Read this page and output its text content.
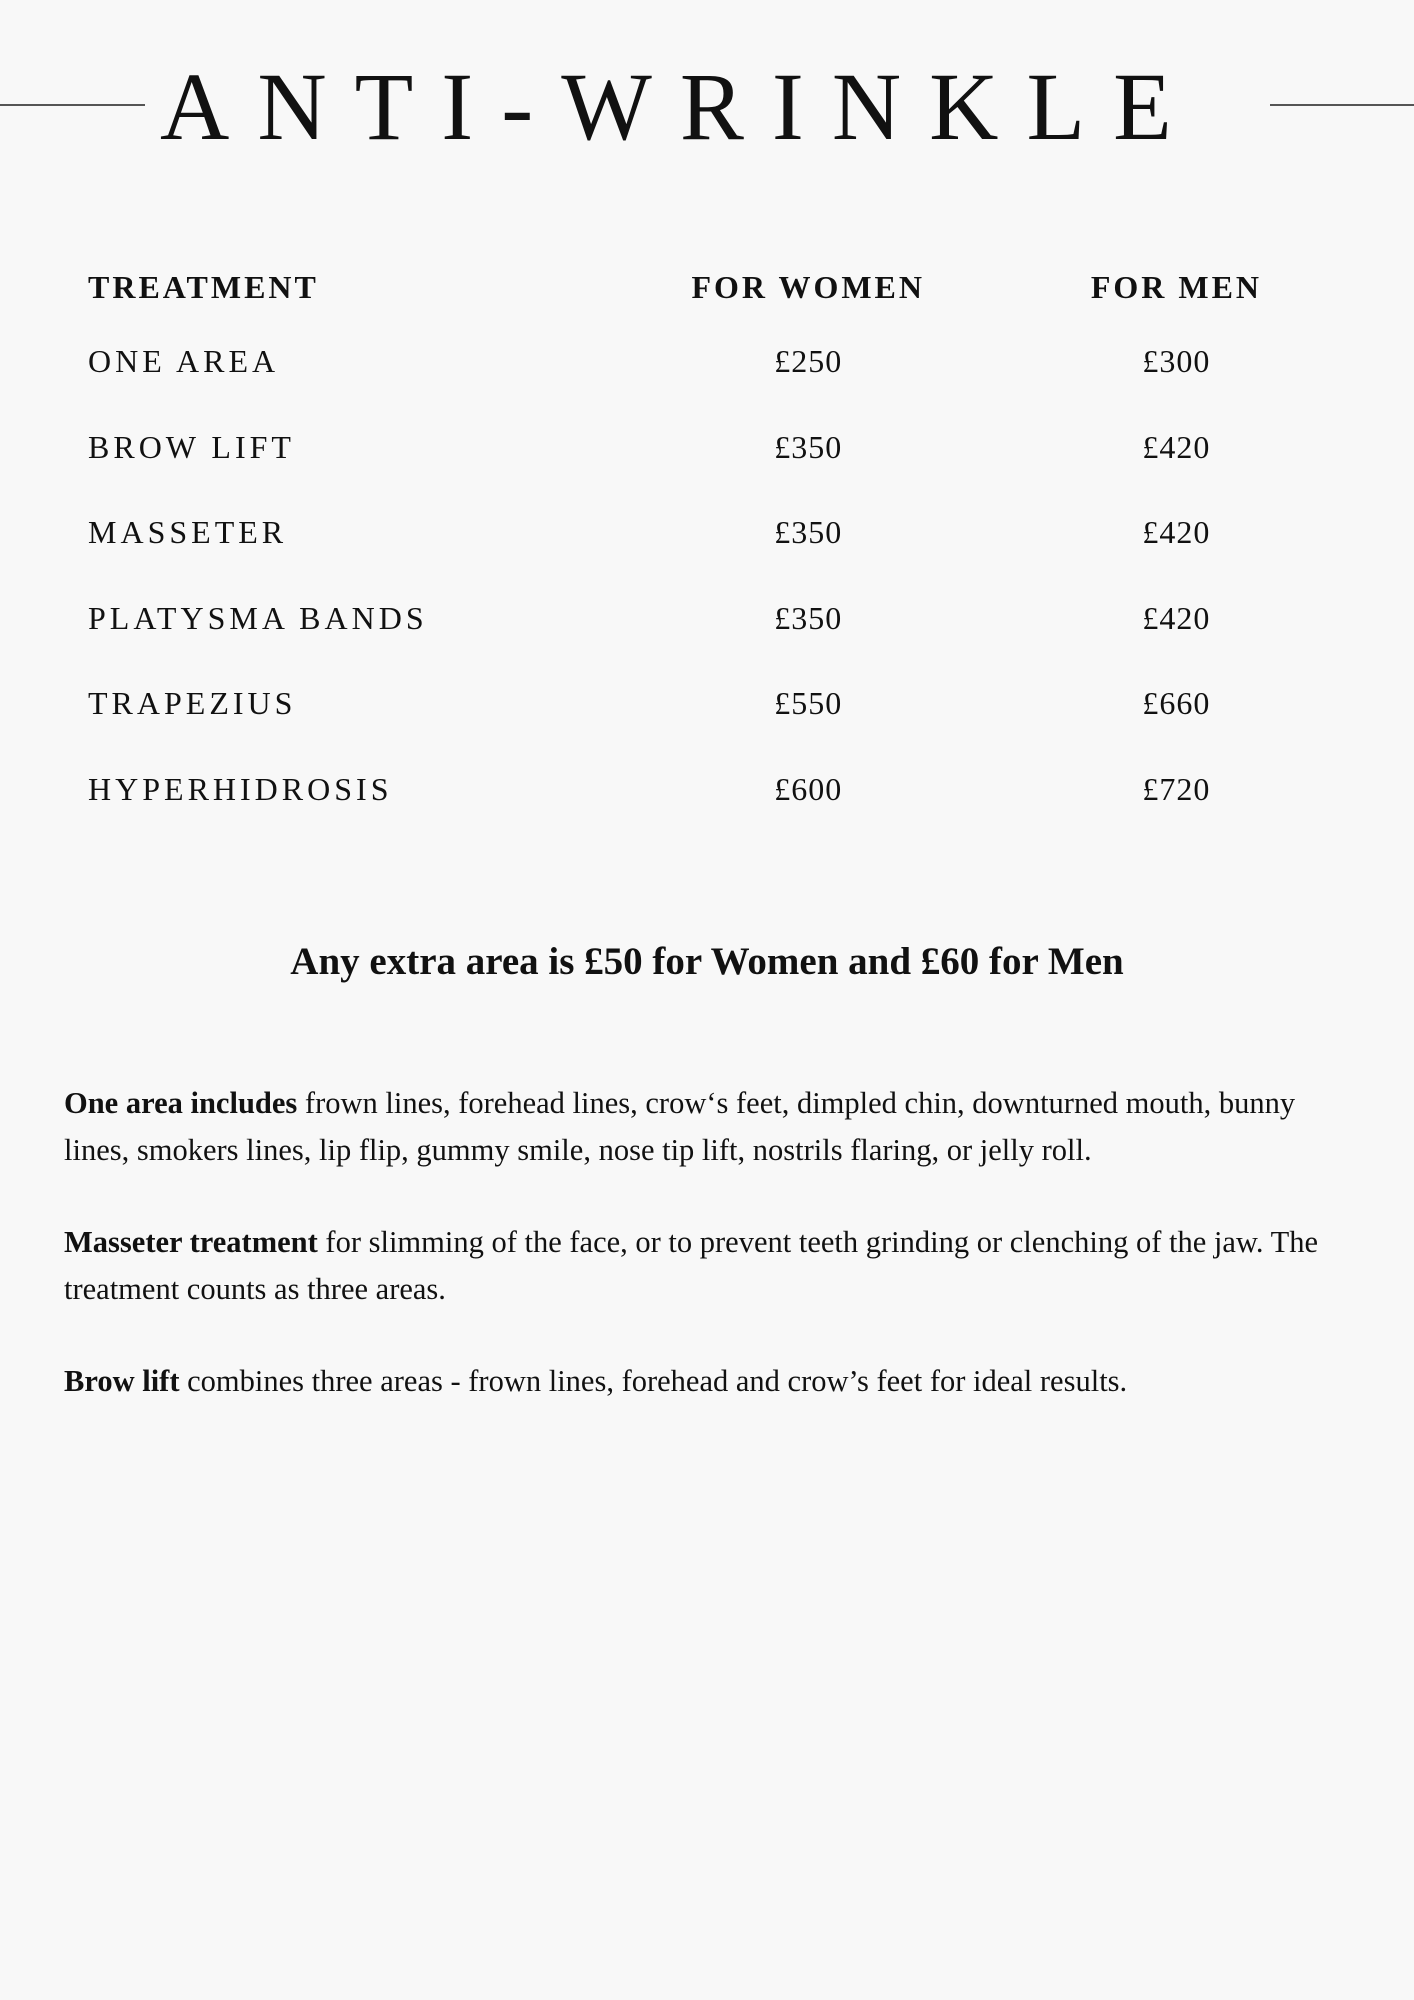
ANTI-WRINKLE
TREATMENT	FOR WOMEN	FOR MEN
ONE AREA	£250	£300
BROW LIFT	£350	£420
MASSETER	£350	£420
PLATYSMA BANDS	£350	£420
TRAPEZIUS	£550	£660
HYPERHIDROSIS	£600	£720

Any extra area is £50 for Women and £60 for Men

One area includes frown lines, forehead lines, crow‘s feet, dimpled chin, downturned mouth, bunny lines, smokers lines, lip flip, gummy smile, nose tip lift, nostrils flaring, or jelly roll.

Masseter treatment for slimming of the face, or to prevent teeth grinding or clenching of the jaw. The treatment counts as three areas.

Brow lift combines three areas - frown lines, forehead and crow’s feet for ideal results.
